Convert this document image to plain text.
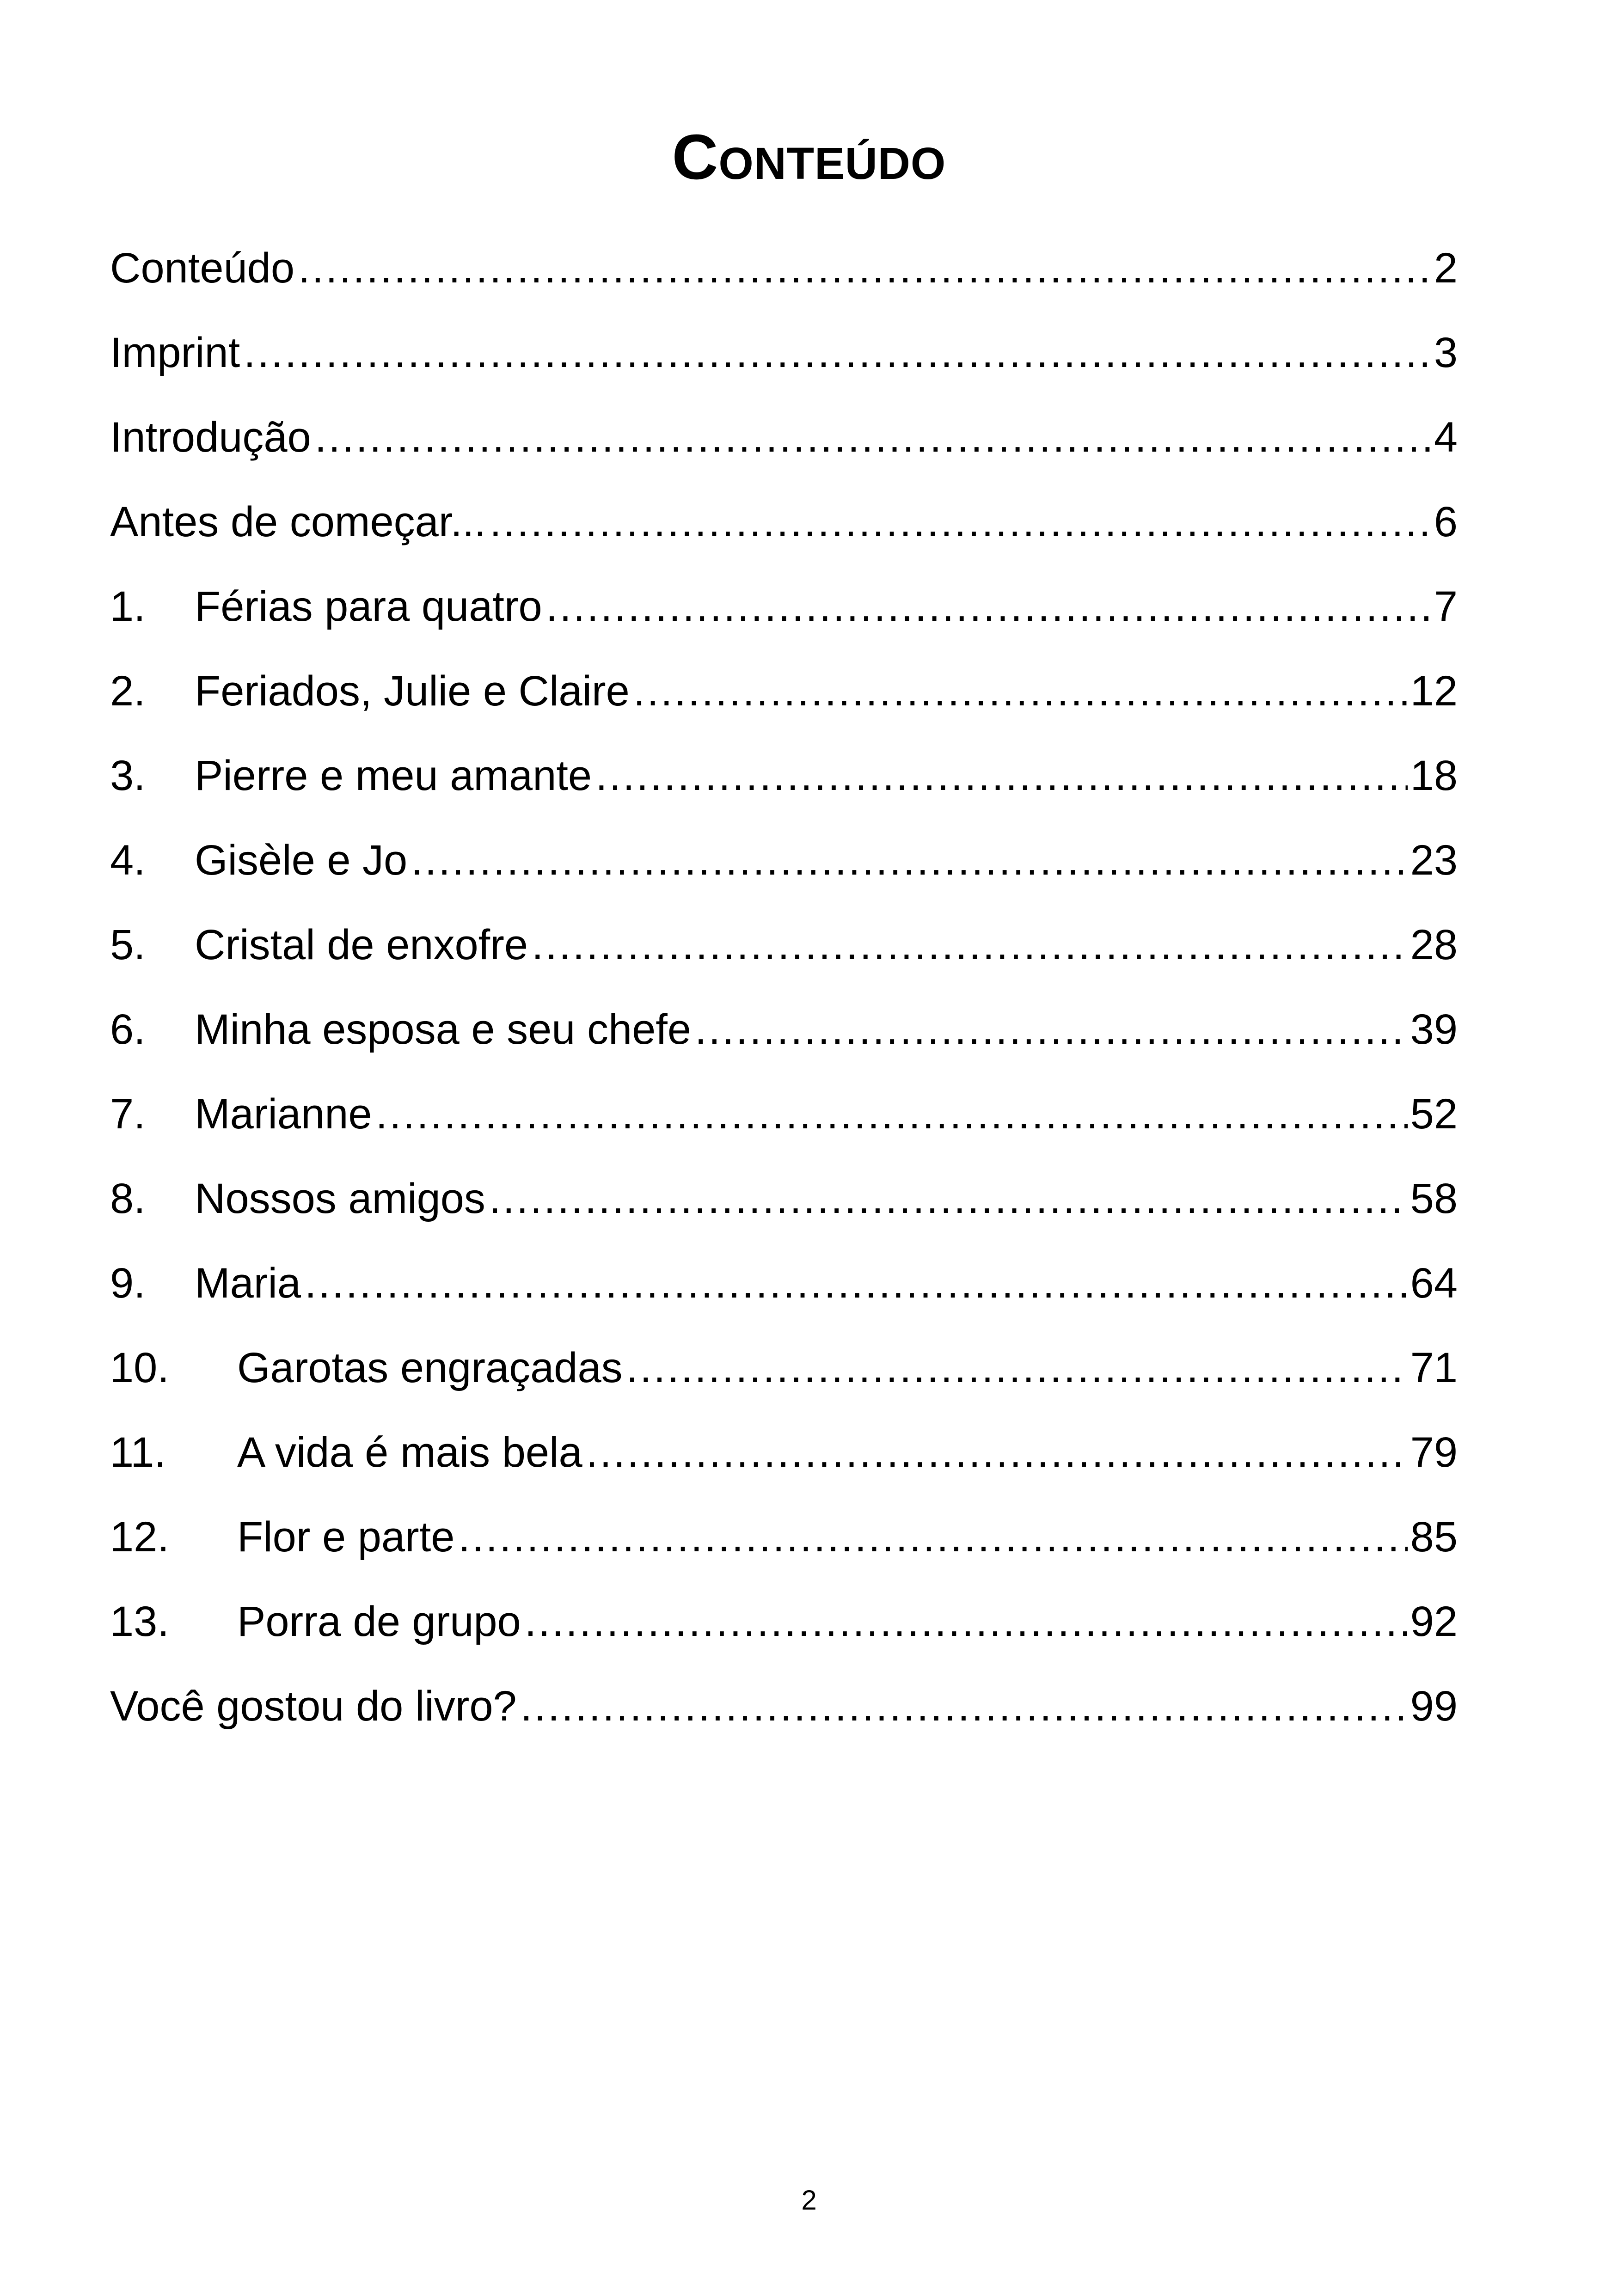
Conteúdo
Conteúdo .....	2
Imprint .....	3
Introdução .....	4
Antes de começar... .....	6
1.	Férias para quatro .....	7
2.	Feriados, Julie e Claire .....	12
3.	Pierre e meu amante .....	18
4.	Gisèle e Jo .....	23
5.	Cristal de enxofre .....	28
6.	Minha esposa e seu chefe .....	39
7.	Marianne .....	52
8.	Nossos amigos .....	58
9.	Maria .....	64
10.	Garotas engraçadas .....	71
11.	A vida é mais bela .....	79
12.	Flor e parte .....	85
13.	Porra de grupo .....	92
Você gostou do livro? .....	99
2
